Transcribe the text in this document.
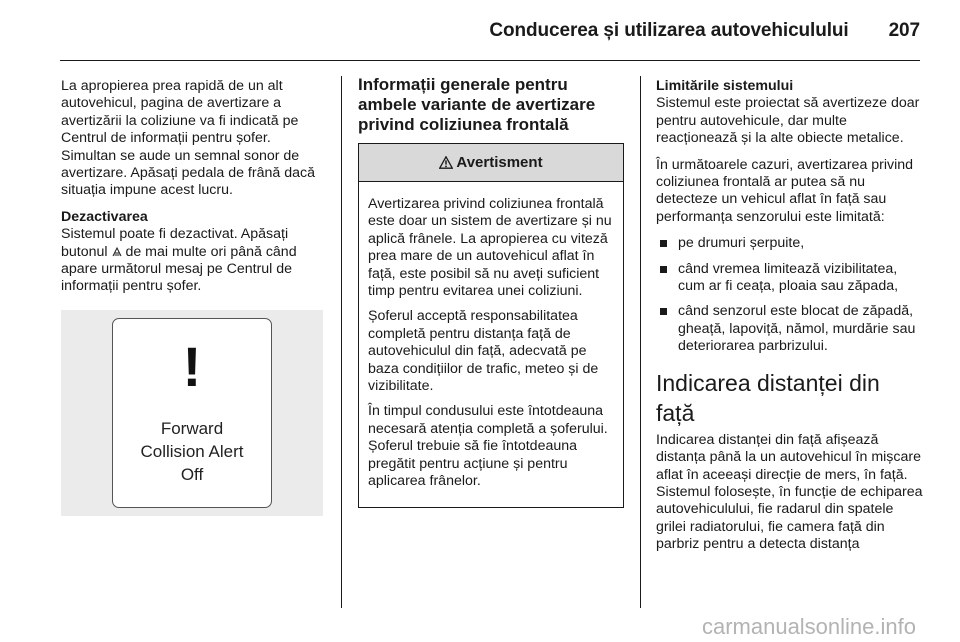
Conducerea și utilizarea autovehiculului 207

La apropierea prea rapidă de un alt autovehicul, pagina de avertizare a avertizării la coliziune va fi indicată pe Centrul de informații pentru șofer. Simultan se aude un semnal sonor de avertizare. Apăsați pedala de frână dacă situația impune acest lucru.

Dezactivarea
Sistemul poate fi dezactivat. Apăsați butonul de mai multe ori până când apare următorul mesaj pe Centrul de informații pentru șofer.

!
Forward
Collision Alert
Off
Informații generale pentru ambele variante de avertizare privind coliziunea frontală
Avertisment

Avertizarea privind coliziunea frontală este doar un sistem de avertizare și nu aplică frânele. La apropierea cu viteză prea mare de un autovehicul aflat în față, este posibil să nu aveți suficient timp pentru evitarea unei coliziuni.

Șoferul acceptă responsabilitatea completă pentru distanța față de autovehiculul din față, adecvată pe baza condițiilor de trafic, meteo și de vizibilitate.

În timpul condusului este întotdeauna necesară atenția completă a șoferului. Șoferul trebuie să fie întotdeauna pregătit pentru acțiune și pentru aplicarea frânelor.

Limitările sistemului
Sistemul este proiectat să avertizeze doar pentru autovehicule, dar multe reacționează și la alte obiecte metalice.

În următoarele cazuri, avertizarea privind coliziunea frontală ar putea să nu detecteze un vehicul aflat în față sau performanța senzorului este limitată:

pe drumuri șerpuite,
când vremea limitează vizibilitatea, cum ar fi ceața, ploaia sau zăpada,
când senzorul este blocat de zăpadă, gheață, lapoviță, nămol, murdărie sau deteriorarea parbrizului.
Indicarea distanței din față

Indicarea distanței din față afișează distanța până la un autovehicul în mișcare aflat în aceeași direcție de mers, în față. Sistemul folosește, în funcție de echiparea autovehiculului, fie radarul din spatele grilei radiatorului, fie camera față din parbriz pentru a detecta distanța

carmanualsonline.info
